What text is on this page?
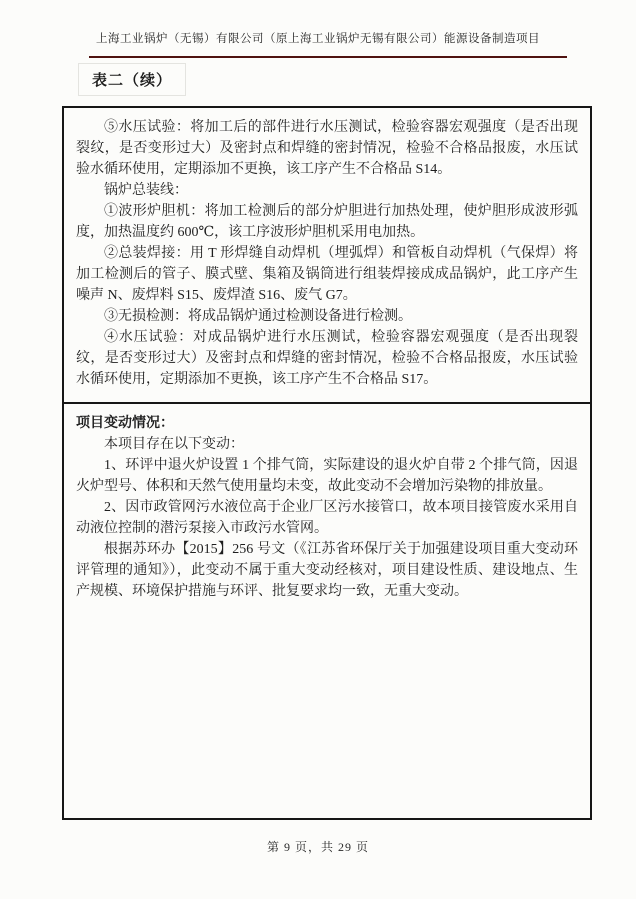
上海工业锅炉（无锡）有限公司（原上海工业锅炉无锡有限公司）能源设备制造项目
表二（续）

⑤水压试验：将加工后的部件进行水压测试，检验容器宏观强度（是否出现裂纹，是否变形过大）及密封点和焊缝的密封情况，检验不合格品报废，水压试验水循环使用，定期添加不更换，该工序产生不合格品 S14。

锅炉总装线：

①波形炉胆机：将加工检测后的部分炉胆进行加热处理，使炉胆形成波形弧度，加热温度约 600℃，该工序波形炉胆机采用电加热。

②总装焊接：用 T 形焊缝自动焊机（埋弧焊）和管板自动焊机（气保焊）将加工检测后的管子、膜式壁、集箱及锅筒进行组装焊接成成品锅炉，此工序产生噪声 N、废焊料 S15、废焊渣 S16、废气 G7。

③无损检测：将成品锅炉通过检测设备进行检测。

④水压试验：对成品锅炉进行水压测试，检验容器宏观强度（是否出现裂纹，是否变形过大）及密封点和焊缝的密封情况，检验不合格品报废，水压试验水循环使用，定期添加不更换，该工序产生不合格品 S17。

项目变动情况：

本项目存在以下变动：

1、环评中退火炉设置 1 个排气筒，实际建设的退火炉自带 2 个排气筒，因退火炉型号、体积和天然气使用量均未变，故此变动不会增加污染物的排放量。

2、因市政管网污水液位高于企业厂区污水接管口，故本项目接管废水采用自动液位控制的潜污泵接入市政污水管网。

根据苏环办【2015】256 号文（《江苏省环保厅关于加强建设项目重大变动环评管理的通知》），此变动不属于重大变动经核对，项目建设性质、建设地点、生产规模、环境保护措施与环评、批复要求均一致，无重大变动。

第 9 页，共 29 页
